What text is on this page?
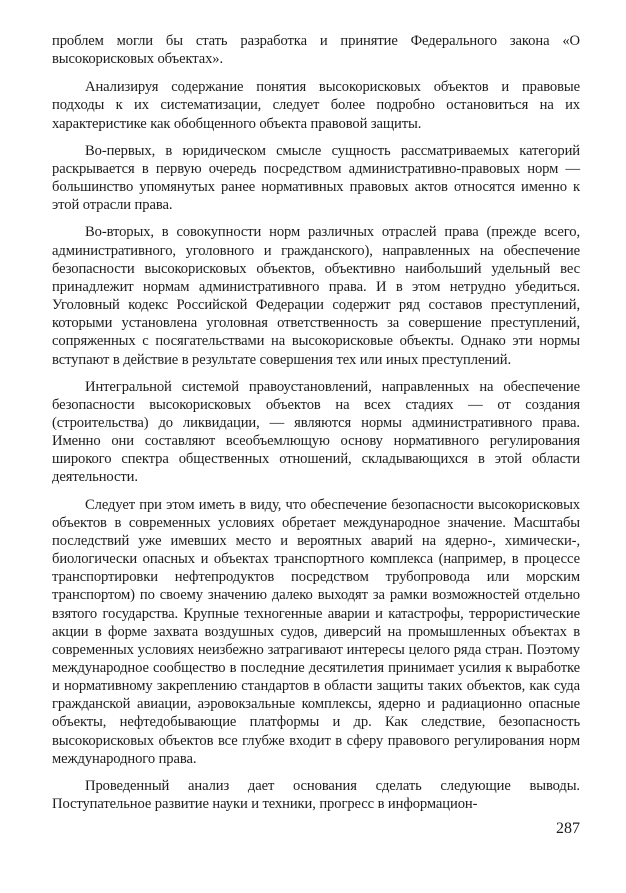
проблем могли бы стать разработка и принятие Федерального закона «О высокорисковых объектах».

Анализируя содержание понятия высокорисковых объектов и правовые подходы к их систематизации, следует более подробно остановиться на их характеристике как обобщенного объекта правовой защиты.

Во-первых, в юридическом смысле сущность рассматриваемых категорий раскрывается в первую очередь посредством административно-правовых норм — большинство упомянутых ранее нормативных правовых актов относятся именно к этой отрасли права.

Во-вторых, в совокупности норм различных отраслей права (прежде всего, административного, уголовного и гражданского), направленных на обеспечение безопасности высокорисковых объектов, объективно наибольший удельный вес принадлежит нормам административного права. И в этом нетрудно убедиться. Уголовный кодекс Российской Федерации содержит ряд составов преступлений, которыми установлена уголовная ответственность за совершение преступлений, сопряженных с посягательствами на высокорисковые объекты. Однако эти нормы вступают в действие в результате совершения тех или иных преступлений.

Интегральной системой правоустановлений, направленных на обеспечение безопасности высокорисковых объектов на всех стадиях — от создания (строительства) до ликвидации, — являются нормы административного права. Именно они составляют всеобъемлющую основу нормативного регулирования широкого спектра общественных отношений, складывающихся в этой области деятельности.

Следует при этом иметь в виду, что обеспечение безопасности высокорисковых объектов в современных условиях обретает международное значение. Масштабы последствий уже имевших место и вероятных аварий на ядерно-, химически-, биологически опасных и объектах транспортного комплекса (например, в процессе транспортировки нефтепродуктов посредством трубопровода или морским транспортом) по своему значению далеко выходят за рамки возможностей отдельно взятого государства. Крупные техногенные аварии и катастрофы, террористические акции в форме захвата воздушных судов, диверсий на промышленных объектах в современных условиях неизбежно затрагивают интересы целого ряда стран. Поэтому международное сообщество в последние десятилетия принимает усилия к выработке и нормативному закреплению стандартов в области защиты таких объектов, как суда гражданской авиации, аэровокзальные комплексы, ядерно и радиационно опасные объекты, нефтедобывающие платформы и др. Как следствие, безопасность высокорисковых объектов все глубже входит в сферу правового регулирования норм международного права.

Проведенный анализ дает основания сделать следующие выводы. Поступательное развитие науки и техники, прогресс в информацион-

287
